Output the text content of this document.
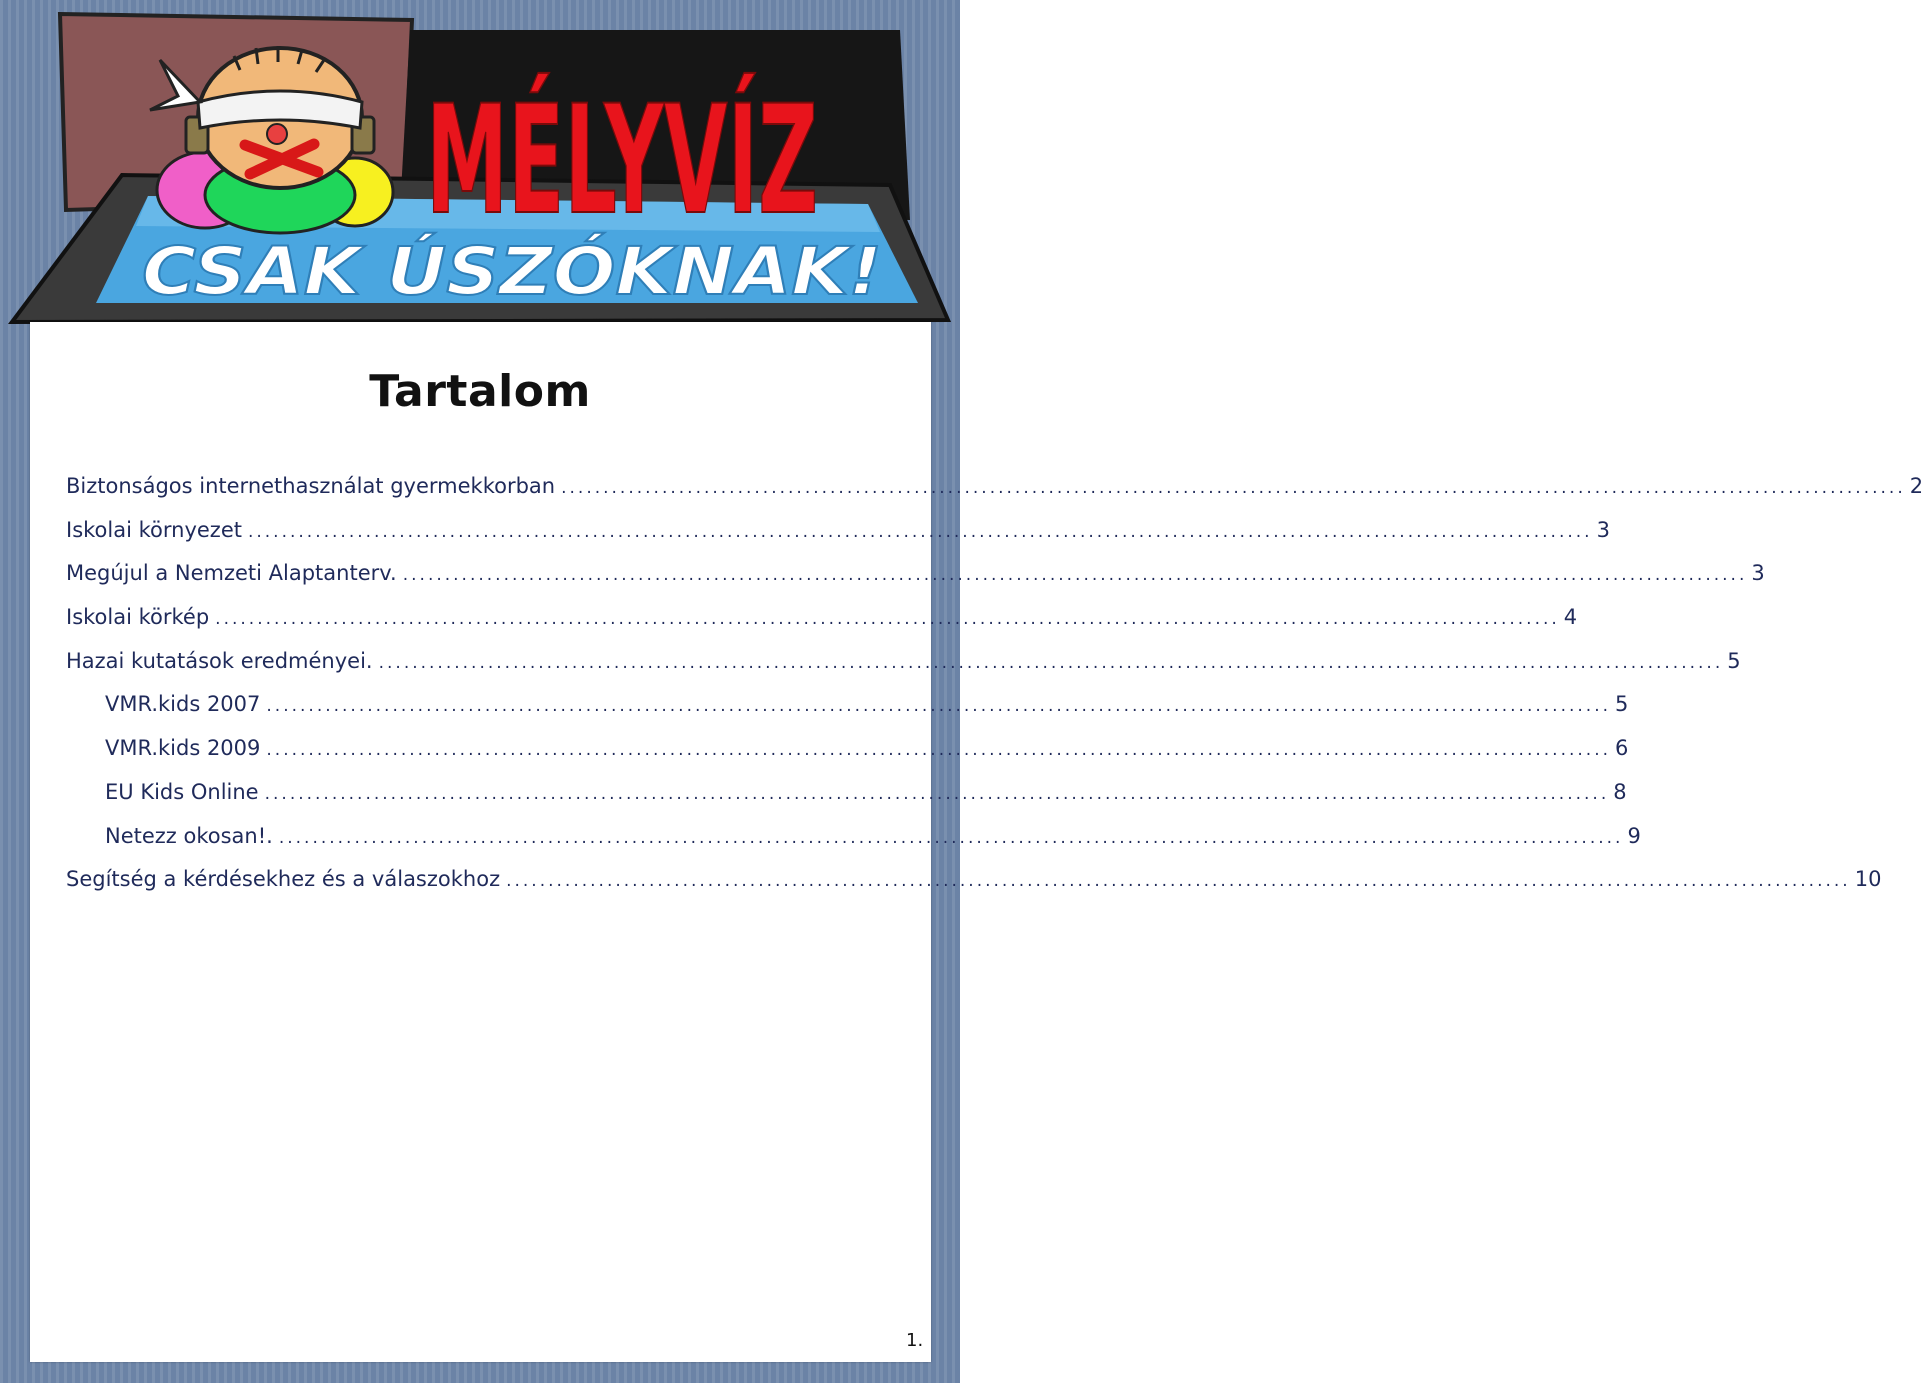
MÉLYVÍZ
CSAK ÚSZÓKNAK!
Tartalom
Biztonságos internethasználat gyermekkorban .....	2
Iskolai környezet .....	3
Megújul a Nemzeti Alaptanterv. .....	3
Iskolai körkép .....	4
Hazai kutatások eredményei. .....	5
VMR.kids 2007 .....	5
VMR.kids 2009 .....	6
EU Kids Online .....	8
Netezz okosan!. .....	9
Segítség a kérdésekhez és a válaszokhoz .....	10
1.
